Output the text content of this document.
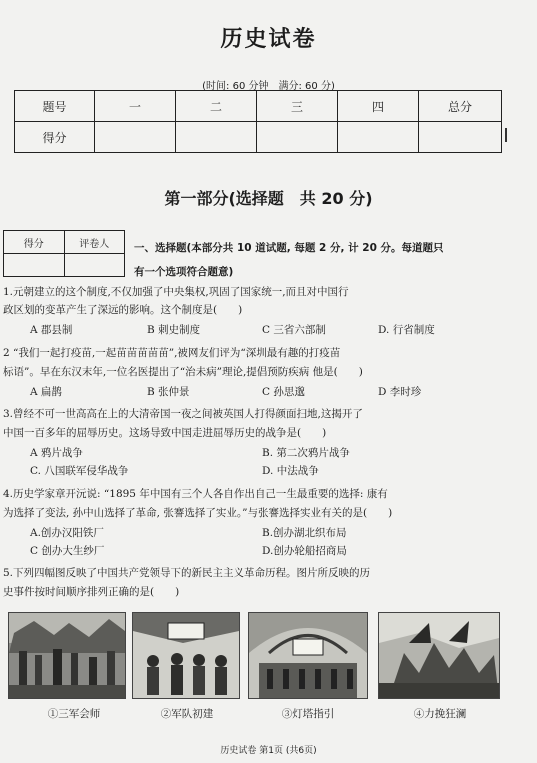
历史试卷
(时间: 60 分钟　满分: 60 分)
题号	一	二	三	四	总分
得分					
第一部分(选择题　共 20 分)
得分	评卷人
	一、选择题(本部分共 10 道试题, 每题 2 分, 计 20 分。每道题只
有一个选项符合题意)
1.元朝建立的这个制度,不仅加强了中央集权,巩固了国家统一,而且对中国行
政区划的变革产生了深远的影响。这个制度是(　　)
A 郡县制	B 刺史制度	C 三省六部制	D. 行省制度
2 “我们一起打疫苗,一起苗苗苗苗苗”,被网友们评为“深圳最有趣的打疫苗
标语”。早在东汉末年,一位名医提出了“治未病”理论,提倡预防疾病 他是(　　)
A 扁鹊	B 张仲景	C 孙思邈	D 李时珍
3.曾经不可一世高高在上的大清帝国一夜之间被英国人打得颜面扫地,这揭开了
中国一百多年的屈辱历史。这场导致中国走进屈辱历史的战争是(　　)
A 鸦片战争	B. 第二次鸦片战争
C. 八国联军侵华战争	D. 中法战争
4.历史学家章开沅说: “1895 年中国有三个人各自作出自己一生最重要的选择: 康有
为选择了变法, 孙中山选择了革命, 张謇选择了实业。”与张謇选择实业有关的是(　　)
A.创办汉阳铁厂	B.创办湖北织布局
C 创办大生纱厂	D.创办轮船招商局
5.下列四幅图反映了中国共产党领导下的新民主主义革命历程。图片所反映的历
史事件按时间顺序排列正确的是(　　)
①三军会师	②军队初建	③灯塔指引	④力挽狂澜
历史试卷 第1页 (共6页)
